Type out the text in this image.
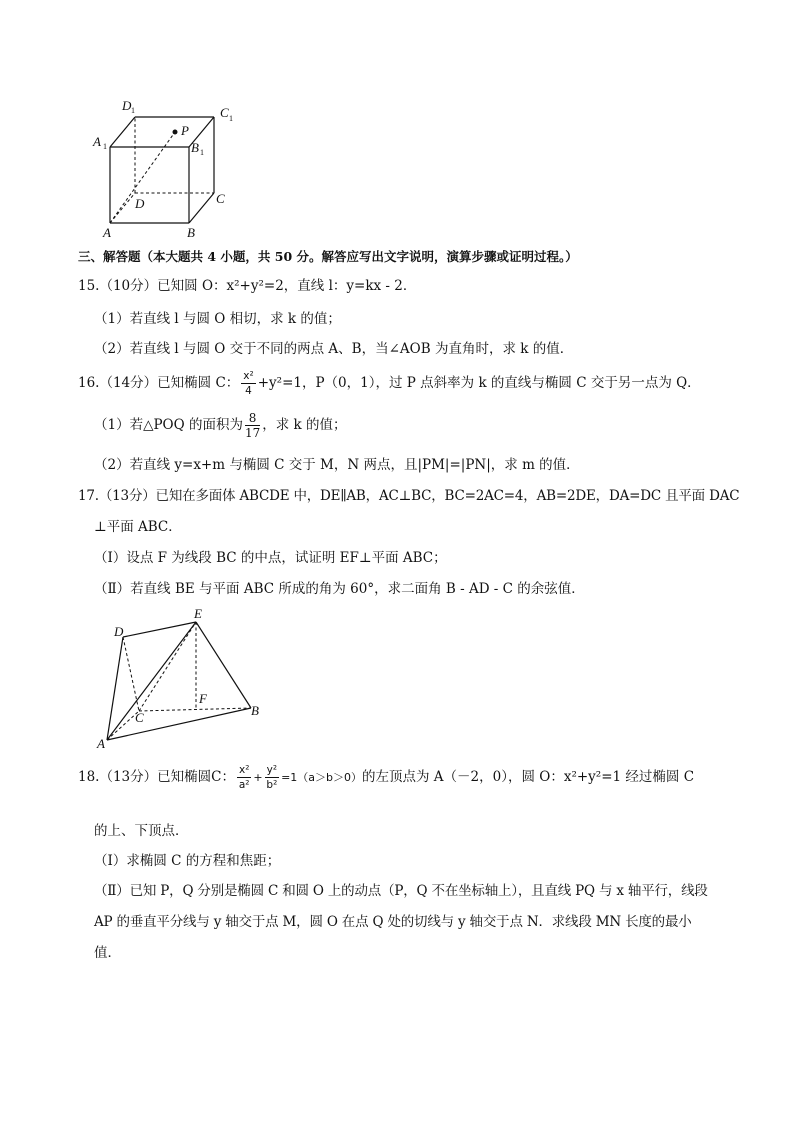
A	B
C
D
A 1	B 1
C 1
D 1
P
三、解答题（本大题共 4 小题，共 50 分。解答应写出文字说明，演算步骤或证明过程。）
15.（10分）已知圆 O：x²+y²=2，直线 l：y=kx - 2．
（1）若直线 l 与圆 O 相切，求 k 的值；
（2）若直线 l 与圆 O 交于不同的两点 A、B，当∠AOB 为直角时，求 k 的值．
16.（14分）已知椭圆 C： $\frac{\text{x²}}{4} +y^2=1$，P（0，1），过 P 点斜率为 k 的直线与椭圆 C 交于另一点为 Q．
（1）若△POQ 的面积为 $\frac{8}{17}$ ，求 k 的值；
（2）若直线 y=x+m 与椭圆 C 交于 M，N 两点，且|PM|=|PN|，求 m 的值．
17.（13分）已知在多面体 ABCDE 中，DE∥AB，AC⊥BC，BC=2AC=4，AB=2DE，DA=DC 且平面 DAC
⊥平面 ABC．
（Ⅰ）设点 F 为线段 BC 的中点，试证明 EF⊥平面 ABC；
（Ⅱ）若直线 BE 与平面 ABC 所成的角为 60°，求二面角 B - AD - C 的余弦值．
D
E
F
C	B
A
18.（13分）已知椭圆C： $\frac{\text{x²}}{\text{a²}} + \frac{\text{y²}}{\text{b²}} =1(a>b>0)$的左顶点为 A（－2，0），圆 O：x²+y²=1 经过椭圆 C
的上、下顶点．
（Ⅰ）求椭圆 C 的方程和焦距；
（Ⅱ）已知 P，Q 分别是椭圆 C 和圆 O 上的动点（P，Q 不在坐标轴上），且直线 PQ 与 x 轴平行，线段
AP 的垂直平分线与 y 轴交于点 M，圆 O 在点 Q 处的切线与 y 轴交于点 N．求线段 MN 长度的最小
值．
